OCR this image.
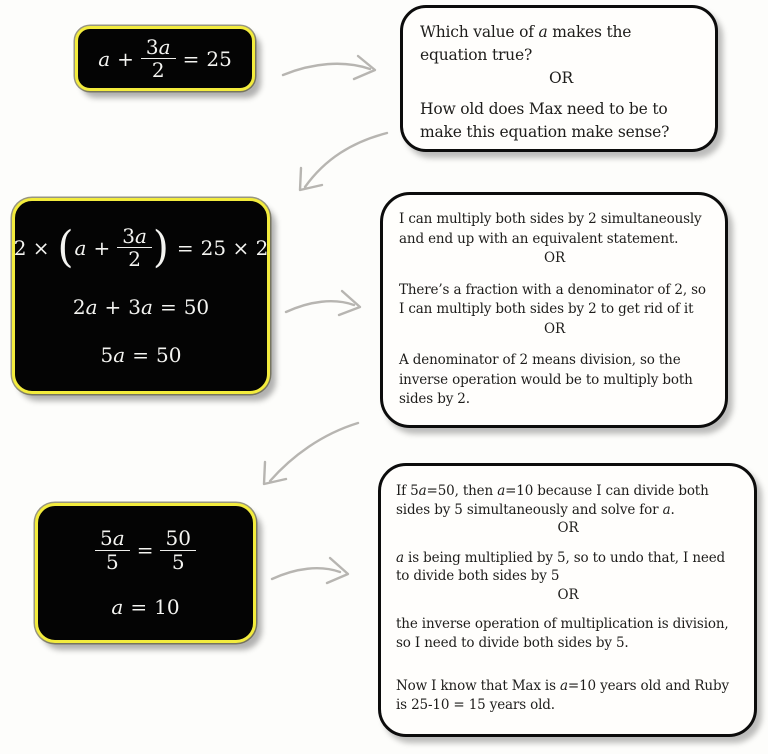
$a + \frac{3a}{2} = 25$

Which value of a makes the equation true?

OR

How old does Max need to be to make this equation make sense?

2 × ( $a + \frac{3a}{2}$ ) = 25 × 2
2 a + 3 a = 50
5 a = 50

I can multiply both sides by 2 simultaneously and end up with an equivalent statement.

OR

There’s a fraction with a denominator of 2, so I can multiply both sides by 2 to get rid of it

OR

A denominator of 2 means division, so the inverse operation would be to multiply both sides by 2.

$\frac{5a}{5} = \frac{50}{5}$
a = 10

If 5a=50, then a=10 because I can divide both sides by 5 simultaneously and solve for a.

OR

a is being multiplied by 5, so to undo that, I need to divide both sides by 5

OR

the inverse operation of multiplication is division, so I need to divide both sides by 5.

Now I know that Max is a=10 years old and Ruby is 25-10 = 15 years old.
